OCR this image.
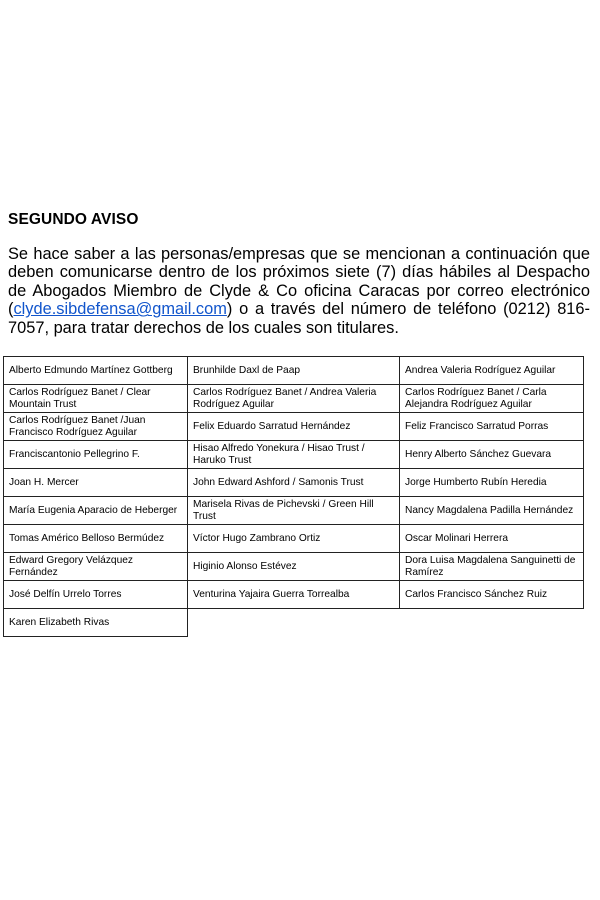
SEGUNDO AVISO

Se hace saber a las personas/empresas que se mencionan a continuación que deben comunicarse dentro de los próximos siete (7) días hábiles al Despacho de Abogados Miembro de Clyde & Co oficina Caracas por correo electrónico (clyde.sibdefensa@gmail.com) o a través del número de teléfono (0212) 816-7057, para tratar derechos de los cuales son titulares.

Alberto Edmundo Martínez Gottberg	Brunhilde Daxl de Paap	Andrea Valeria Rodríguez Aguilar
Carlos Rodríguez Banet / Clear Mountain Trust	Carlos Rodríguez Banet / Andrea Valeria Rodríguez Aguilar	Carlos Rodríguez Banet / Carla Alejandra Rodríguez Aguilar
Carlos Rodríguez Banet /Juan Francisco Rodríguez Aguilar	Felix Eduardo Sarratud Hernández	Feliz Francisco Sarratud Porras
Franciscantonio Pellegrino F.	Hisao Alfredo Yonekura / Hisao Trust / Haruko Trust	Henry Alberto Sánchez Guevara
Joan H. Mercer	John Edward Ashford / Samonis Trust	Jorge Humberto Rubín Heredia
María Eugenia Aparacio de Heberger	Marisela Rivas de Pichevski / Green Hill Trust	Nancy Magdalena Padilla Hernández
Tomas Américo Belloso Bermúdez	Víctor Hugo Zambrano Ortiz	Oscar Molinari Herrera
Edward Gregory Velázquez Fernández	Higinio Alonso Estévez	Dora Luisa Magdalena Sanguinetti de Ramírez
José Delfín Urrelo Torres	Venturina Yajaira Guerra Torrealba	Carlos Francisco Sánchez Ruiz
Karen Elizabeth Rivas		
